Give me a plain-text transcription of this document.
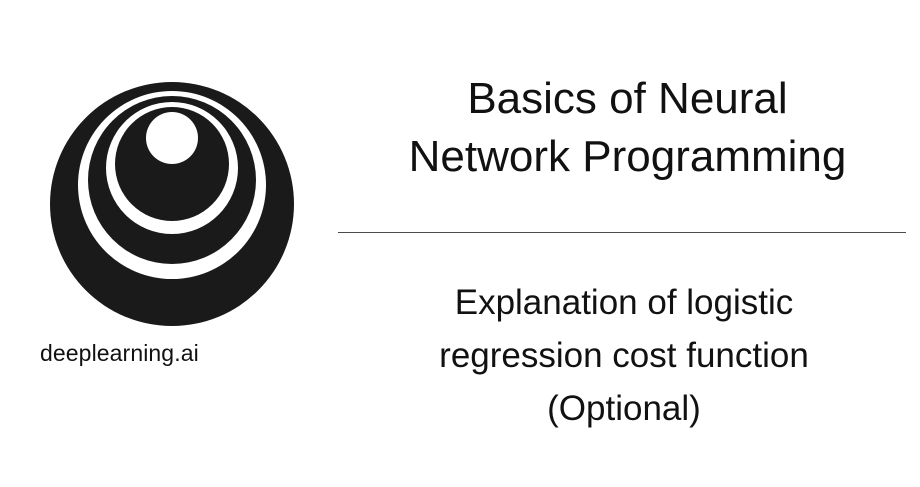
deeplearning.ai
Basics of Neural
Network Programming
Explanation of logistic
regression cost function
(Optional)
